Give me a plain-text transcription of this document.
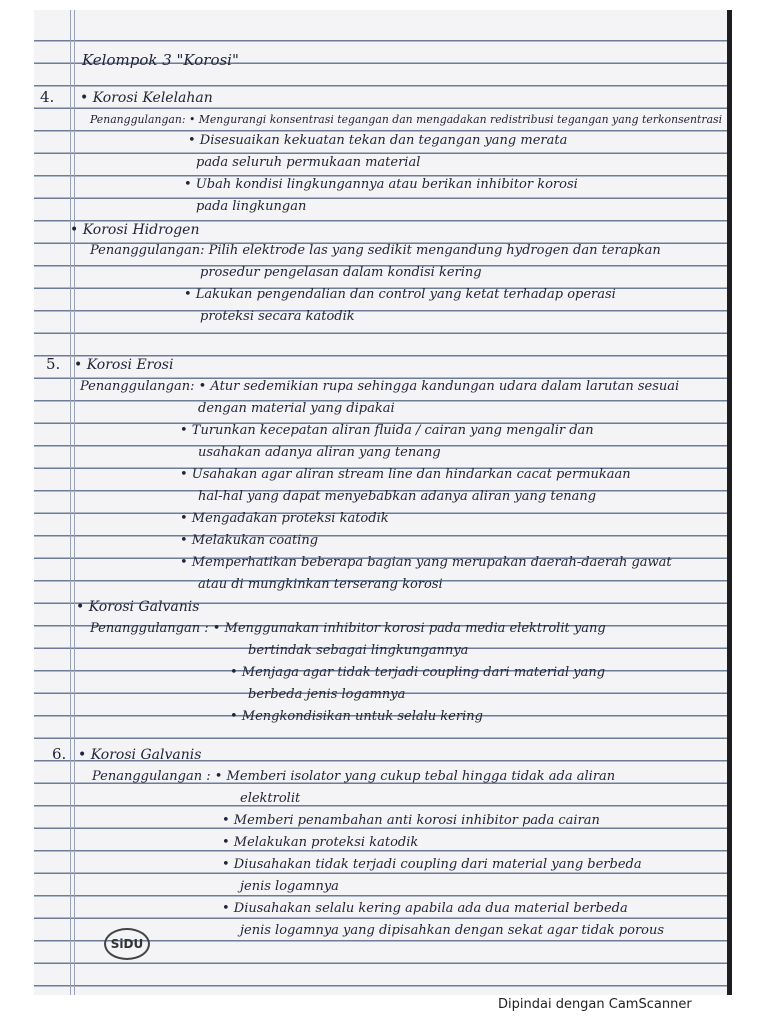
Kelompok 3 "Korosi"
4. • Korosi Kelelahan
Penanggulangan: • Mengurangi konsentrasi tegangan dan mengadakan redistribusi tegangan yang terkonsentrasi
• Disesuaikan kekuatan tekan dan tegangan yang merata
pada seluruh permukaan material
• Ubah kondisi lingkungannya atau berikan inhibitor korosi
pada lingkungan
• Korosi Hidrogen
Penanggulangan: Pilih elektrode las yang sedikit mengandung hydrogen dan terapkan
prosedur pengelasan dalam kondisi kering
• Lakukan pengendalian dan control yang ketat terhadap operasi
proteksi secara katodik
5. • Korosi Erosi
Penanggulangan: • Atur sedemikian rupa sehingga kandungan udara dalam larutan sesuai
dengan material yang dipakai
• Turunkan kecepatan aliran fluida / cairan yang mengalir dan
usahakan adanya aliran yang tenang
• Usahakan agar aliran stream line dan hindarkan cacat permukaan
hal-hal yang dapat menyebabkan adanya aliran yang tenang
• Mengadakan proteksi katodik
• Melakukan coating
• Memperhatikan beberapa bagian yang merupakan daerah-daerah gawat
atau di mungkinkan terserang korosi
• Korosi Galvanis
Penanggulangan : • Menggunakan inhibitor korosi pada media elektrolit yang
bertindak sebagai lingkungannya
• Menjaga agar tidak terjadi coupling dari material yang
berbeda jenis logamnya
• Mengkondisikan untuk selalu kering
6. • Korosi Galvanis
Penanggulangan : • Memberi isolator yang cukup tebal hingga tidak ada aliran
elektrolit
• Memberi penambahan anti korosi inhibitor pada cairan
• Melakukan proteksi katodik
• Diusahakan tidak terjadi coupling dari material yang berbeda
jenis logamnya
• Diusahakan selalu kering apabila ada dua material berbeda
jenis logamnya yang dipisahkan dengan sekat agar tidak porous
SiDU
Dipindai dengan CamScanner
